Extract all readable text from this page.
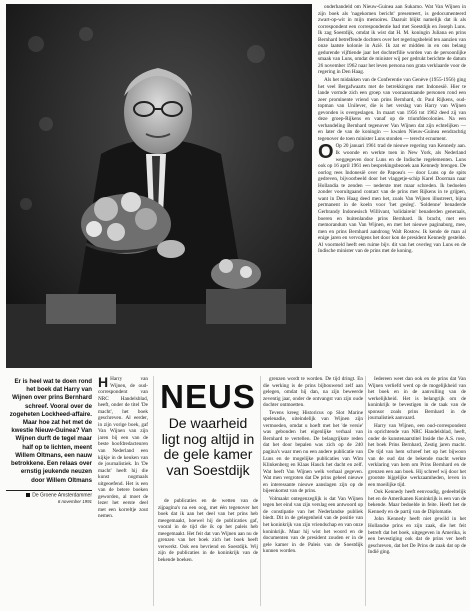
onderhandeld om Nieuw-Guinea aan Sukarno. Wat Van Wijnen in zijn boek als 'nagekomen bericht' presenteert, is gedocumenteerd zwart-op-wit in mijn memoires. Daaruit blijkt namelijk dat ik als correspondent een correspondentie had met Soestdijk en Joseph Luns. Ik zag Soestdijk, omdat ik wist dat H. M. koningin Juliana en prins Bernhard betreffende dochters over het regeringsbeleid ten aanzien van onze laatste kolonie in Azië. Ik zat er midden in en ons belang gedurende vijftiende jaar het dochterfilie worden van de persoonlijke smaak van Luns, omdat de minister wij per gedrukt berichtte de datum 26 november 1962 naar het leven persona non grata verklaarde voor de regering in Den Haag.

Als het midakken van de Conferentie van Genève (1955-1956) ging het veel Bergafwaarts met de betrekkingen met Indonesië. Hier te lande vormde zich een groep van vooraanstaande personen rond een zeer prominente vriend van prins Bernhard, dr. Paul Rijkens, oud-topman van Unilever, die is het verslag van Harry van Wijnen gevonden is overgeslagen. In maart van 1956 tot 1962 deed zij van deze groep-Rijkens en vanaf op de triumfdecolonies. Na een verhandeling Bernhard tegenover Van Wijnen dat zijn echtelijken — en later de van de koningin — kwalen Nieuw-Guinea eendrachtig tegenover de toen minister Luns stonden — terecht ecnument.

O Op 20 januari 1961 trad de nieuwe regering van Kennedy aan. Ik woonde en werkte toen in New York, als Nederland weggegeven door Luns en de Indische regelementen. Luns ook op 16 april 1961 een besprekingsbezoek aan Kennedy brengen. De oorlog rees Indonesië over de Papoea's — door Luns op de spits gedreven, bijvoorbeeld door het vlaggetje-schip Karel Doorman naar Hollandia te zenden — nederste met maar schreden. Ik bedoelen zonder vooruitgaand contact van de prins met Rijkens in te grijpen, want in Den Haag deed men het, zoals Van Wijnen illustreert, bijna permanent in de koeln voor 'het gesleg'. 'Soldenne' benaderde Gerbrandy Indonesisch Willivant, 'solidairein' benaderden generaals, boeren en buitenlandse prins Bernhard. Ik bracht, met een memorandum van Van Wijnen, en met het nieuwe paginaburg, mee, men en prins Bernhard aandrong Walt Rostow. Ik kende de man al enige jaren en vervolgens het door kon de president Kennedy gestelde. Al voormeld heeft een ruime bijv. dit van het overleg van Luns en de Indische minister van de prins met de koning.

Er is heel wat te doen rond het boek dat Harry van Wijnen over prins Bernhard schreef. Vooral over de zogeheten Lockheed-affaire. Maar hoe zat het met de kwestie Nieuw-Guinea? Van Wijnen durft de tegel maar half op te lichten, meent Willem Oltmans, een nauw betrokkene. Een relaas over ernstig jeukende neuzen
door Willem Oltmans
De Groene Amsterdammer
6 november 1991

H Harry van Wijnen, de oud-correspondent van NRC Handelsblad, heeft, onder de titel 'De macht', het boek geschreven. Al eerder, in zijn vorige boek, gaf Van Wijnen van zijn jaren bij een van de beste hoofdredacteuren van Nederland een kijkje in de keuken van de journalistiek. In 'De macht' heeft hij die kunst nogmaals uitgeoefend. Het is een van de betere boeken geworden, al moet de lezer het eerste deel met een korreltje zout nemen.

NEUS
De waarheid ligt nog altijd in de gele kamer van Soestdijk

de publicaties en de wetten van de zijpagina's na een oog, met één tegenover het boek dat ik aan het deel van het prins heb meegemaakt, hoewel hij de publicaties gaf, vooral in de tijd die ik op het paleis heb meegemaakt. Het feit dat van Wijnen aan nu de grenzen van het boek zich het boek heeft verwerkt. Ook een bevriend en Soestdijk. Wij zijn de publicaties in de koninkrijk van de bekende boeken.

grenzen wordt te worden. De tijd dringt. En die werking is de prins bijbouwend zelf aan gelegen, omdat hij dan, na zijn beweerde zeventig jaar, onder de ontvangst van zijn oude dochter ontmoetten.

Tevens kreeg Historicus op Slot Marine spelenadie, uiteindelijk van Wijnen zijn vermoeden, omdat u hoeft met het 'de versie' was gebonden het eigenlijke verhaal van Bernhard te vertellen. De belangrijkste reden dat het door bepalen was zich op de 240 pagina's waar men nu een andere publicatie van Luns en de mogelijke publicaties van Wim Klinkenberg en Klaas Hauck het dacht en zelf. Wat heeft Van Wijnen welk verhaal gegeven. Wat men vergroten dat De prins geheel nieuwe en interessante nieuwe aanslagen zijn op de bijeenkomst van de prins.

Volmaakt ontegenzeglijk is dat Van Wijnen tegen het eind van zijn verslag een antwoord op de constipatie van het Nederlandse publiek biedt. Dit in de gelegenheid van de positie van het koninkrijk van zijn vriendschap en van onze koninkrijk. Maar hij wist het woord en de documenten van de president zouden er in de gele kamer in de Paleis van de Soestdijk kunnen worden.

Iedereen weet dan ook en de prins dat Van Wijnen verliefd werd op de mogelijkheid van het boek en in de aanvulling van de werkelijkheid. Het is belangrijk om de koninkrijk te bevestigen in de taak van de sponsor zoals prins Bernhard in de journalistiek aanvaard.

Harry van Wijnen, een oud-correspondent in oprichtende van NRC Handelsblad, heeft, onder de kunstenaarstitel Inside the A.S. rose, het boek Prins Bernhard, Zestig jaren macht. De tijd van hem schreef het op het bijwoon van de oud dat de bekende macht werkte verklaring van hem om Prins Bernhard en de grenzen een aan boek. Hij schreef wij door het grootste bijgelijke werkzaamheden, leven in een moeilijke tijd.

Ook Kennedy heeft eenvoudig, gedeeltelijk het en de Amerikanen Koninkrijk is een van de bekende. Maar bedoelde in feite. Heeft het de Kennedy en de partij van de Diplomatie.

John Kennedy heeft niet gewild in het Hollandse prins en zijn zaak, die het feit betreft dat het boek, uitgegeven in Amerika, is een bevestiging ook dat de prins ver heeft geschreven, dat het De Prins de zaak dat op de Indië ging.
